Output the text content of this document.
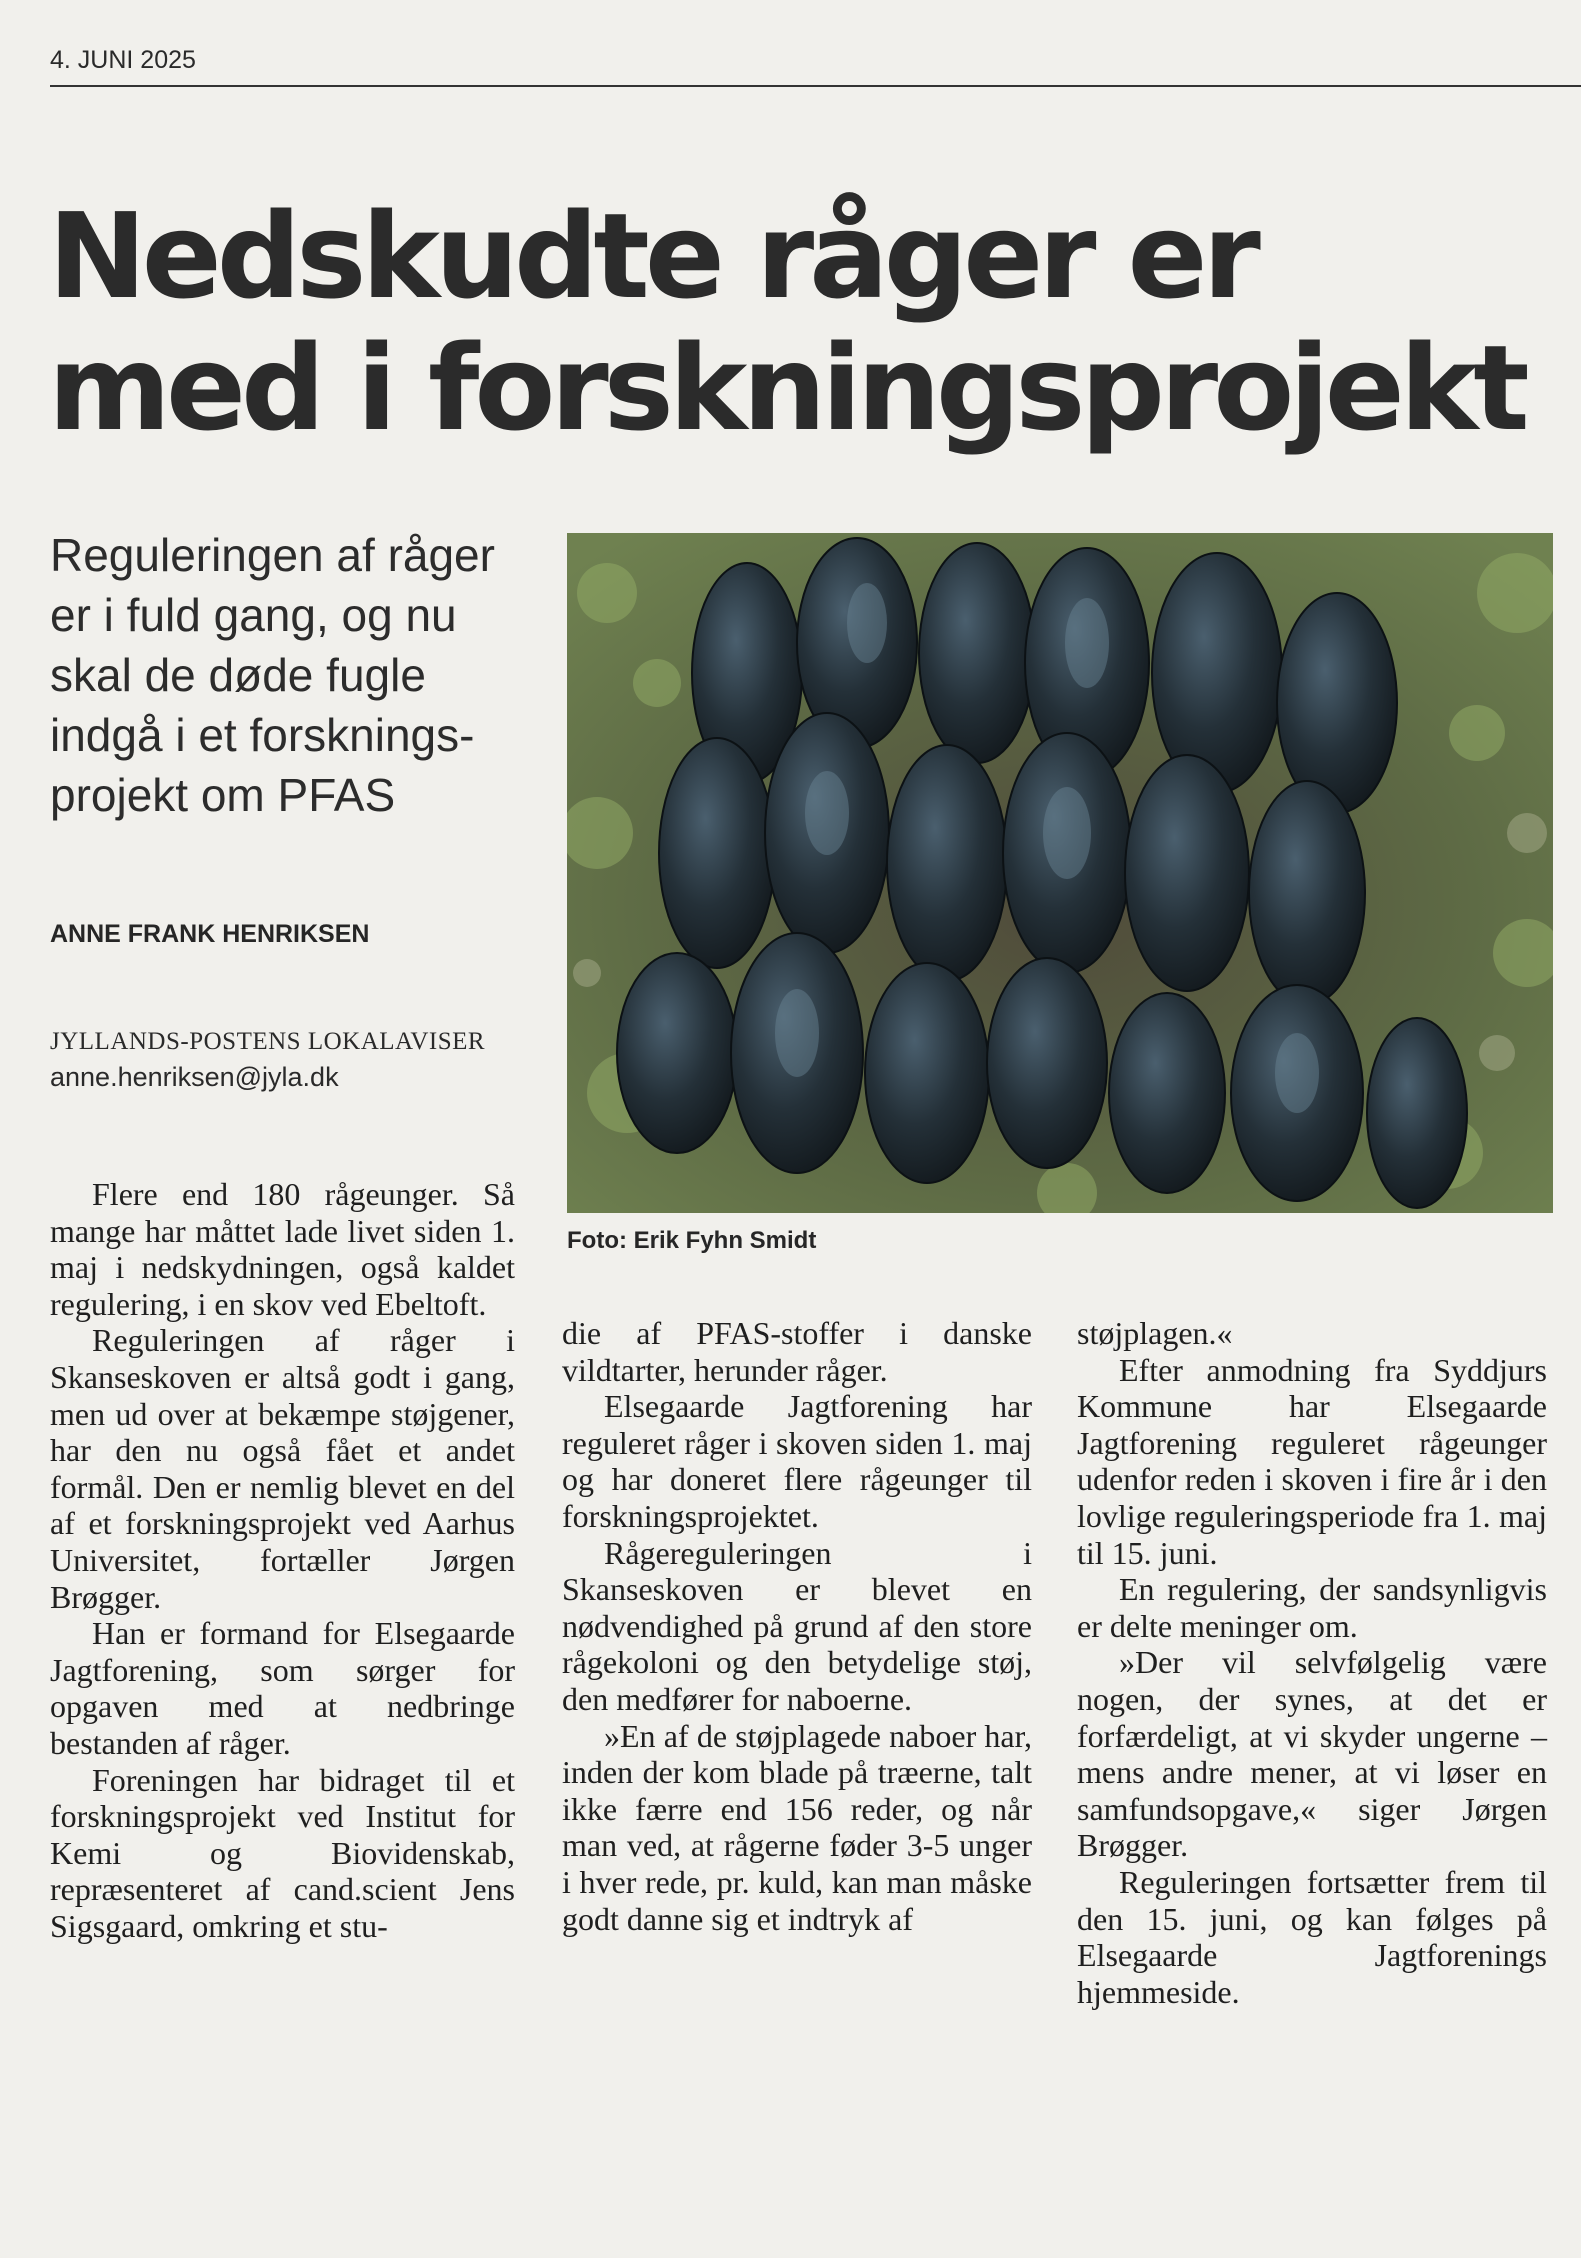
4. JUNI 2025
Nedskudte råger er
med i forskningsprojekt

Reguleringen af råger er i fuld gang, og nu skal de døde fugle indgå i et forsknings-projekt om PFAS

ANNE FRANK HENRIKSEN
JYLLANDS-POSTENS LOKALAVISER
anne.henriksen@jyla.dk
Foto: Erik Fyhn Smidt

Flere end 180 rågeunger. Så mange har måttet lade livet siden 1. maj i nedskydningen, også kaldet regulering, i en skov ved Ebeltoft.

Reguleringen af råger i Skanseskoven er altså godt i gang, men ud over at bekæmpe støjgener, har den nu også fået et andet formål. Den er nemlig blevet en del af et forskningsprojekt ved Aarhus Universitet, fortæller Jørgen Brøgger.

Han er formand for Elsegaarde Jagtforening, som sørger for opgaven med at nedbringe bestanden af råger.

Foreningen har bidraget til et forskningsprojekt ved Institut for Kemi og Biovidenskab, repræsenteret af cand.scient Jens Sigsgaard, omkring et stu-

die af PFAS-stoffer i danske vildtarter, herunder råger.

Elsegaarde Jagtforening har reguleret råger i skoven siden 1. maj og har doneret flere rågeunger til forskningsprojektet.

Rågereguleringen i Skanseskoven er blevet en nødvendighed på grund af den store rågekoloni og den betydelige støj, den medfører for naboerne.

»En af de støjplagede naboer har, inden der kom blade på træerne, talt ikke færre end 156 reder, og når man ved, at rågerne føder 3-5 unger i hver rede, pr. kuld, kan man måske godt danne sig et indtryk af

støjplagen.«

Efter anmodning fra Syddjurs Kommune har Elsegaarde Jagtforening reguleret rågeunger udenfor reden i skoven i fire år i den lovlige reguleringsperiode fra 1. maj til 15. juni.

En regulering, der sandsynligvis er delte meninger om.

»Der vil selvfølgelig være nogen, der synes, at det er forfærdeligt, at vi skyder ungerne – mens andre mener, at vi løser en samfundsopgave,« siger Jørgen Brøgger.

Reguleringen fortsætter frem til den 15. juni, og kan følges på Elsegaarde Jagtforenings hjemmeside.
